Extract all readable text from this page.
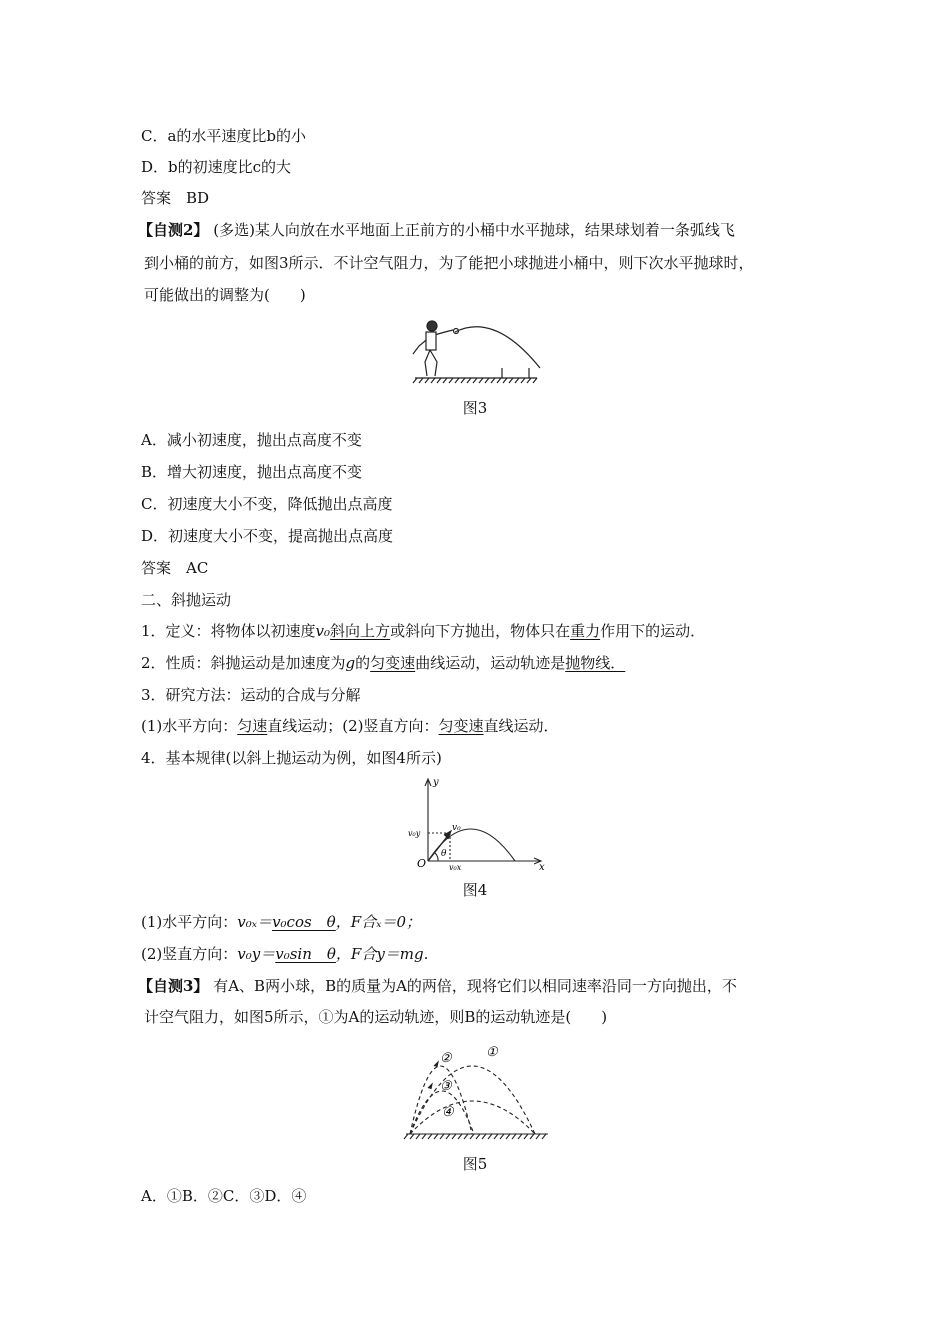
C．a的水平速度比b的小
D．b的初速度比c的大
答案　BD
【自测2】 (多选)某人向放在水平地面上正前方的小桶中水平抛球，结果球划着一条弧线飞
到小桶的前方，如图3所示．不计空气阻力，为了能把小球抛进小桶中，则下次水平抛球时，
可能做出的调整为(　　)
图3
A．减小初速度，抛出点高度不变
B．增大初速度，抛出点高度不变
C．初速度大小不变，降低抛出点高度
D．初速度大小不变，提高抛出点高度
答案　AC
二、斜抛运动
1．定义：将物体以初速度v₀斜向上方或斜向下方抛出，物体只在重力作用下的运动．
2．性质：斜抛运动是加速度为g的匀变速曲线运动，运动轨迹是抛物线．
3．研究方法：运动的合成与分解
(1)水平方向：匀速直线运动；(2)竖直方向：匀变速直线运动．
4．基本规律(以斜上抛运动为例，如图4所示)
y
x
O
v₀
v₀y
v₀x
θ
图4
(1)水平方向：v₀ₓ＝v₀cos　θ，F合ₓ＝0；
(2)竖直方向：v₀y＝v₀sin　θ，F合y＝mg.
【自测3】 有A、B两小球，B的质量为A的两倍，现将它们以相同速率沿同一方向抛出，不
计空气阻力，如图5所示，①为A的运动轨迹，则B的运动轨迹是(　　)
②	①
③
④
图5
A．①B．②C．③D．④
